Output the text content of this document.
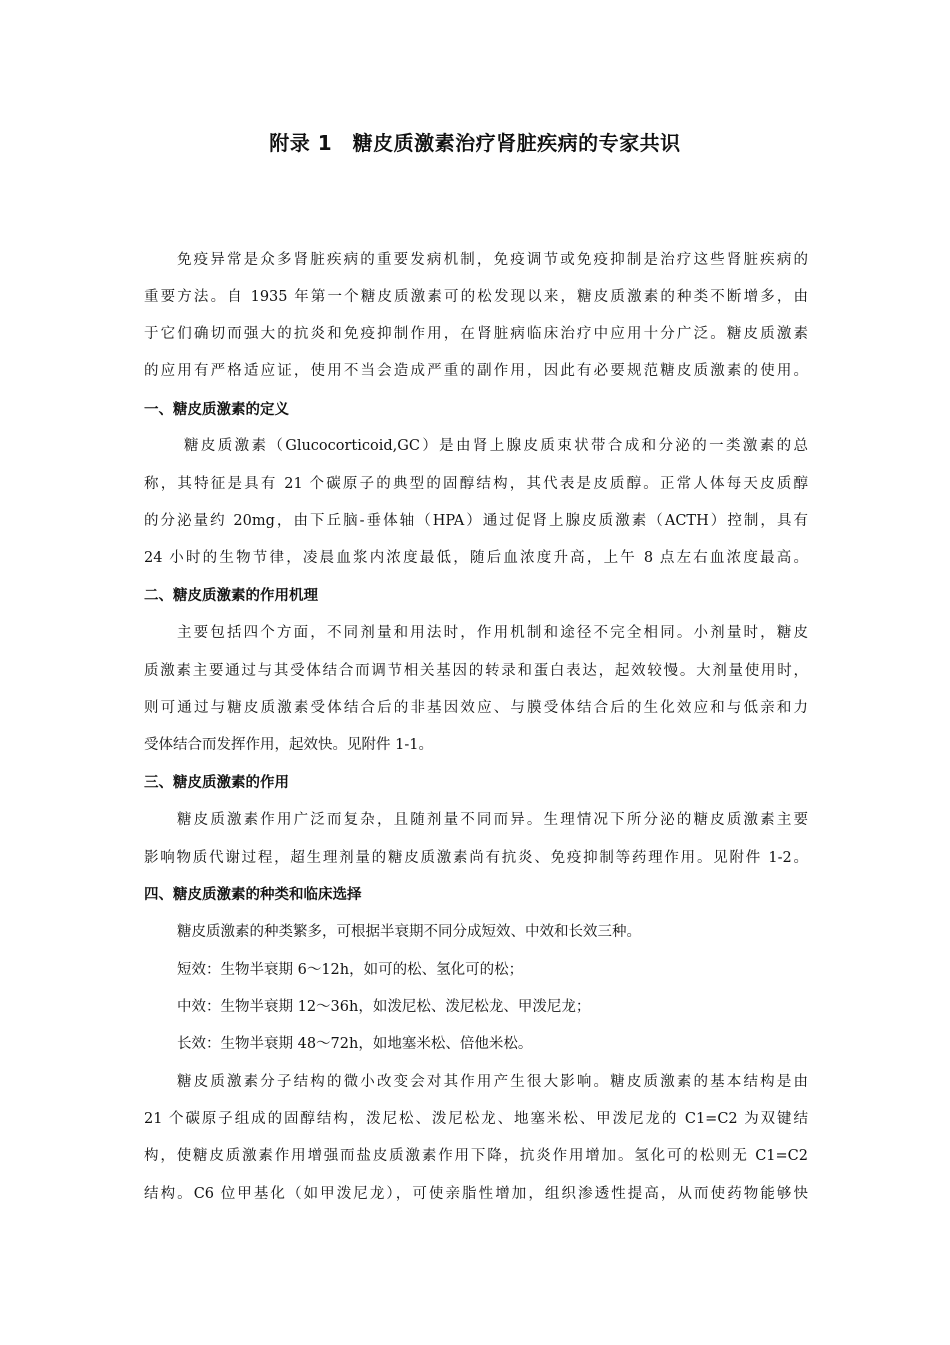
附录 1　糖皮质激素治疗肾脏疾病的专家共识
免疫异常是众多肾脏疾病的重要发病机制，免疫调节或免疫抑制是治疗这些肾脏疾病的
重要方法。自 1935 年第一个糖皮质激素可的松发现以来，糖皮质激素的种类不断增多，由
于它们确切而强大的抗炎和免疫抑制作用，在肾脏病临床治疗中应用十分广泛。糖皮质激素
的应用有严格适应证，使用不当会造成严重的副作用，因此有必要规范糖皮质激素的使用。
一、糖皮质激素的定义
糖皮质激素（Glucocorticoid,GC）是由肾上腺皮质束状带合成和分泌的一类激素的总
称，其特征是具有 21 个碳原子的典型的固醇结构，其代表是皮质醇。正常人体每天皮质醇
的分泌量约 20mg，由下丘脑-垂体轴（HPA）通过促肾上腺皮质激素（ACTH）控制，具有
24 小时的生物节律，凌晨血浆内浓度最低，随后血浓度升高，上午 8 点左右血浓度最高。
二、糖皮质激素的作用机理
主要包括四个方面，不同剂量和用法时，作用机制和途径不完全相同。小剂量时，糖皮
质激素主要通过与其受体结合而调节相关基因的转录和蛋白表达，起效较慢。大剂量使用时，
则可通过与糖皮质激素受体结合后的非基因效应、与膜受体结合后的生化效应和与低亲和力
受体结合而发挥作用，起效快。见附件 1-1。
三、糖皮质激素的作用
糖皮质激素作用广泛而复杂，且随剂量不同而异。生理情况下所分泌的糖皮质激素主要
影响物质代谢过程，超生理剂量的糖皮质激素尚有抗炎、免疫抑制等药理作用。见附件 1-2。
四、糖皮质激素的种类和临床选择
糖皮质激素的种类繁多，可根据半衰期不同分成短效、中效和长效三种。
短效：生物半衰期 6～12h，如可的松、氢化可的松；
中效：生物半衰期 12～36h，如泼尼松、泼尼松龙、甲泼尼龙；
长效：生物半衰期 48～72h，如地塞米松、倍他米松。
糖皮质激素分子结构的微小改变会对其作用产生很大影响。糖皮质激素的基本结构是由
21 个碳原子组成的固醇结构，泼尼松、泼尼松龙、地塞米松、甲泼尼龙的 C1=C2 为双键结
构，使糖皮质激素作用增强而盐皮质激素作用下降，抗炎作用增加。氢化可的松则无 C1=C2
结构。C6 位甲基化（如甲泼尼龙），可使亲脂性增加，组织渗透性提高，从而使药物能够快
